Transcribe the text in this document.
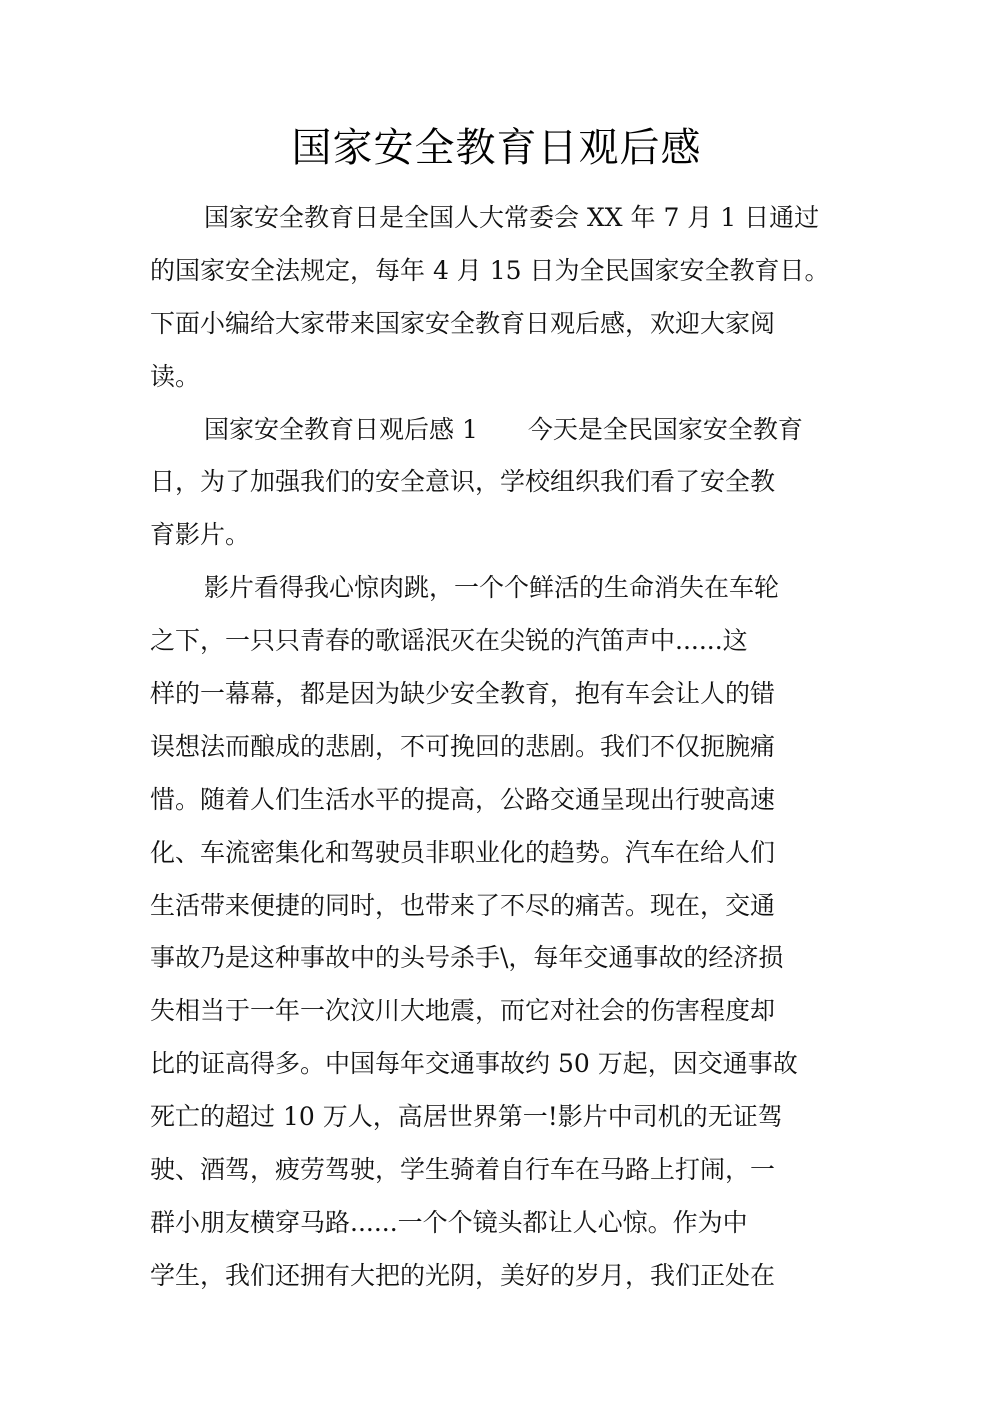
国家安全教育日观后感
国家安全教育日是全国人大常委会 XX 年 7 月 1 日通过
的国家安全法规定，每年 4 月 15 日为全民国家安全教育日。
下面小编给大家带来国家安全教育日观后感，欢迎大家阅
读。
国家安全教育日观后感 1　　今天是全民国家安全教育
日，为了加强我们的安全意识，学校组织我们看了安全教
育影片。
影片看得我心惊肉跳，一个个鲜活的生命消失在车轮
之下，一只只青春的歌谣泯灭在尖锐的汽笛声中......这
样的一幕幕，都是因为缺少安全教育，抱有车会让人的错
误想法而酿成的悲剧，不可挽回的悲剧。我们不仅扼腕痛
惜。随着人们生活水平的提高，公路交通呈现出行驶高速
化、车流密集化和驾驶员非职业化的趋势。汽车在给人们
生活带来便捷的同时，也带来了不尽的痛苦。现在，交通
事故乃是这种事故中的头号杀手\，每年交通事故的经济损
失相当于一年一次汶川大地震，而它对社会的伤害程度却
比的证高得多。中国每年交通事故约 50 万起，因交通事故
死亡的超过 10 万人，高居世界第一!影片中司机的无证驾
驶、酒驾，疲劳驾驶，学生骑着自行车在马路上打闹，一
群小朋友横穿马路......一个个镜头都让人心惊。作为中
学生，我们还拥有大把的光阴，美好的岁月，我们正处在
